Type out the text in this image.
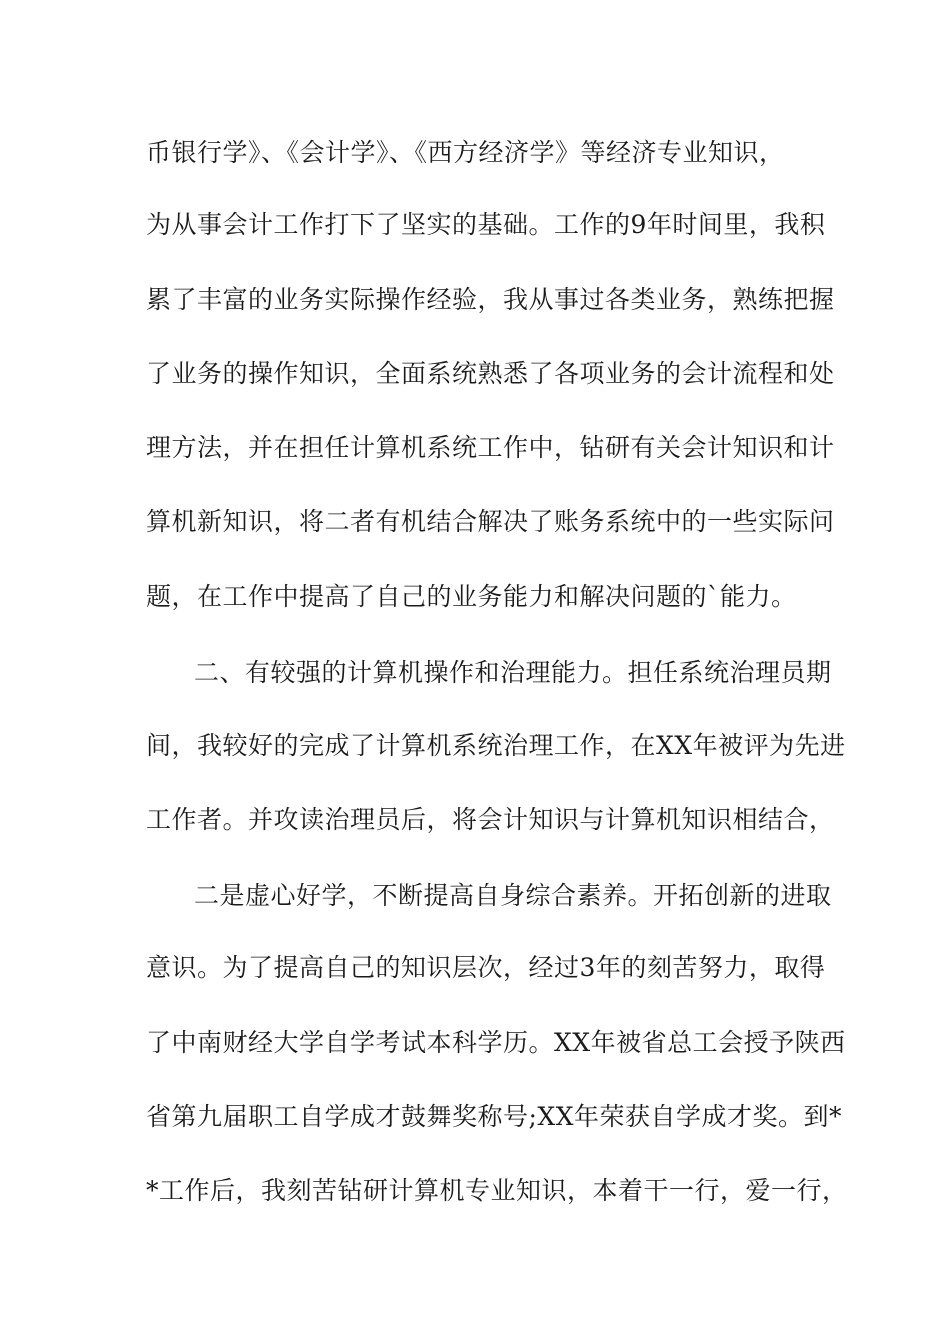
币银行学》、《会计学》、《西方经济学》等经济专业知识，
为从事会计工作打下了坚实的基础。工作的9年时间里，我积
累了丰富的业务实际操作经验，我从事过各类业务，熟练把握
了业务的操作知识，全面系统熟悉了各项业务的会计流程和处
理方法，并在担任计算机系统工作中，钻研有关会计知识和计
算机新知识，将二者有机结合解决了账务系统中的一些实际问
题，在工作中提高了自己的业务能力和解决问题的`能力。
二、有较强的计算机操作和治理能力。担任系统治理员期
间，我较好的完成了计算机系统治理工作，在XX年被评为先进
工作者。并攻读治理员后，将会计知识与计算机知识相结合，
二是虚心好学，不断提高自身综合素养。开拓创新的进取
意识。为了提高自己的知识层次，经过3年的刻苦努力，取得
了中南财经大学自学考试本科学历。XX年被省总工会授予陕西
省第九届职工自学成才鼓舞奖称号;XX年荣获自学成才奖。到*
*工作后，我刻苦钻研计算机专业知识，本着干一行，爱一行，
